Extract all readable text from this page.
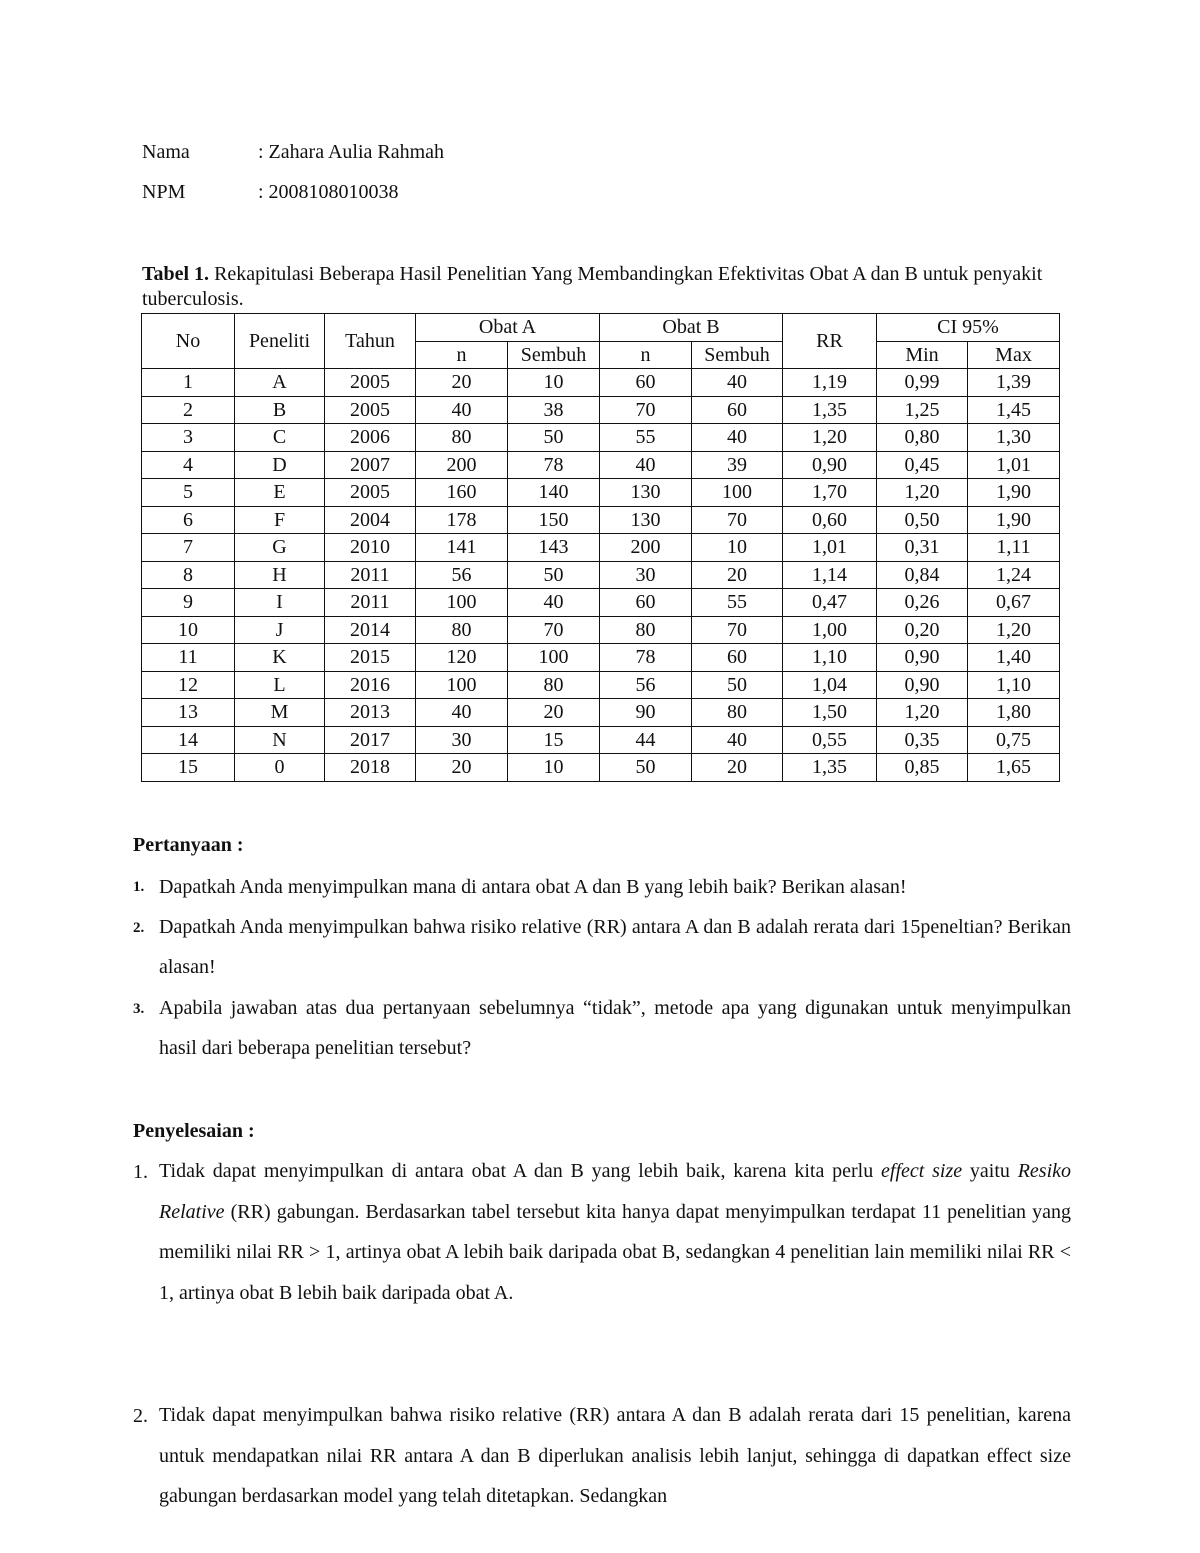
Nama	: Zahara Aulia Rahmah
NPM	: 2008108010038
Tabel 1. Rekapitulasi Beberapa Hasil Penelitian Yang Membandingkan Efektivitas Obat A dan B untuk penyakit tuberculosis.
No	Peneliti	Tahun	Obat A		Obat B		RR	CI 95%	
			n	Sembuh	n	Sembuh		Min	Max
1	A	2005	20	10	60	40	1,19	0,99	1,39
2	B	2005	40	38	70	60	1,35	1,25	1,45
3	C	2006	80	50	55	40	1,20	0,80	1,30
4	D	2007	200	78	40	39	0,90	0,45	1,01
5	E	2005	160	140	130	100	1,70	1,20	1,90
6	F	2004	178	150	130	70	0,60	0,50	1,90
7	G	2010	141	143	200	10	1,01	0,31	1,11
8	H	2011	56	50	30	20	1,14	0,84	1,24
9	I	2011	100	40	60	55	0,47	0,26	0,67
10	J	2014	80	70	80	70	1,00	0,20	1,20
11	K	2015	120	100	78	60	1,10	0,90	1,40
12	L	2016	100	80	56	50	1,04	0,90	1,10
13	M	2013	40	20	90	80	1,50	1,20	1,80
14	N	2017	30	15	44	40	0,55	0,35	0,75
15	0	2018	20	10	50	20	1,35	0,85	1,65
Pertanyaan :
1. Dapatkah Anda menyimpulkan mana di antara obat A dan B yang lebih baik? Berikan alasan!
2. Dapatkah Anda menyimpulkan bahwa risiko relative (RR) antara A dan B adalah rerata dari 15peneltian? Berikan alasan!
3. Apabila jawaban atas dua pertanyaan sebelumnya “tidak”, metode apa yang digunakan untuk menyimpulkan hasil dari beberapa penelitian tersebut?
Penyelesaian :
1. Tidak dapat menyimpulkan di antara obat A dan B yang lebih baik, karena kita perlu effect size yaitu Resiko Relative (RR) gabungan. Berdasarkan tabel tersebut kita hanya dapat menyimpulkan terdapat 11 penelitian yang memiliki nilai RR > 1, artinya obat A lebih baik daripada obat B, sedangkan 4 penelitian lain memiliki nilai RR < 1, artinya obat B lebih baik daripada obat A.
2. Tidak dapat menyimpulkan bahwa risiko relative (RR) antara A dan B adalah rerata dari 15 penelitian, karena untuk mendapatkan nilai RR antara A dan B diperlukan analisis lebih lanjut, sehingga di dapatkan effect size gabungan berdasarkan model yang telah ditetapkan. Sedangkan
